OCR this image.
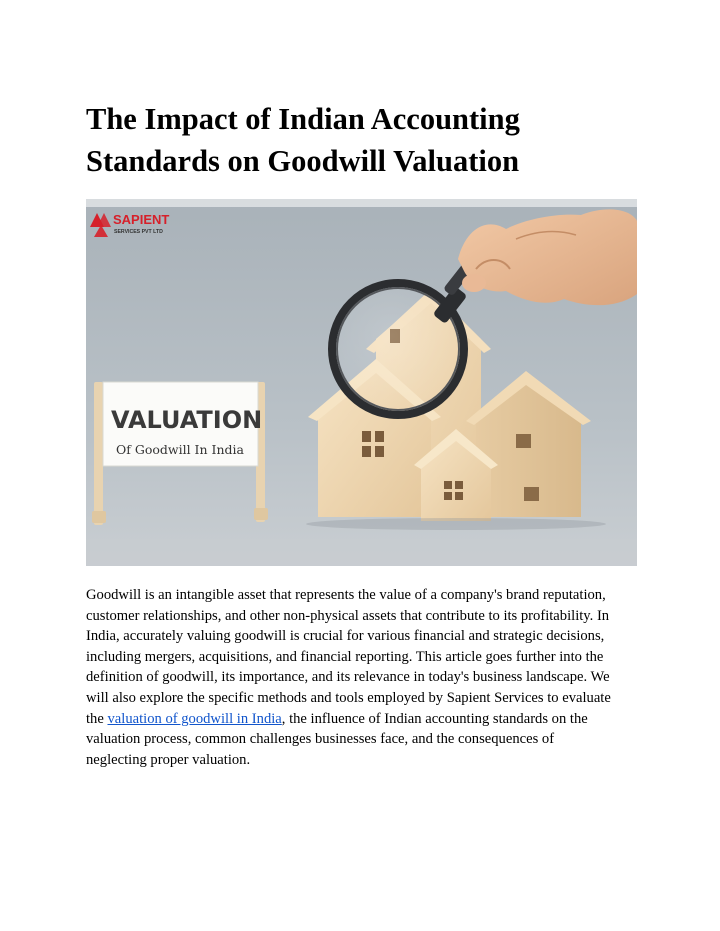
The Impact of Indian Accounting
Standards on Goodwill Valuation
SAPIENT
SERVICES PVT LTD
VALUATION
Of Goodwill In India
Goodwill is an intangible asset that represents the value of a company's brand reputation,
customer relationships, and other non-physical assets that contribute to its profitability. In
India, accurately valuing goodwill is crucial for various financial and strategic decisions,
including mergers, acquisitions, and financial reporting. This article goes further into the
definition of goodwill, its importance, and its relevance in today's business landscape. We
will also explore the specific methods and tools employed by Sapient Services to evaluate
the valuation of goodwill in India, the influence of Indian accounting standards on the
valuation process, common challenges businesses face, and the consequences of
neglecting proper valuation.
